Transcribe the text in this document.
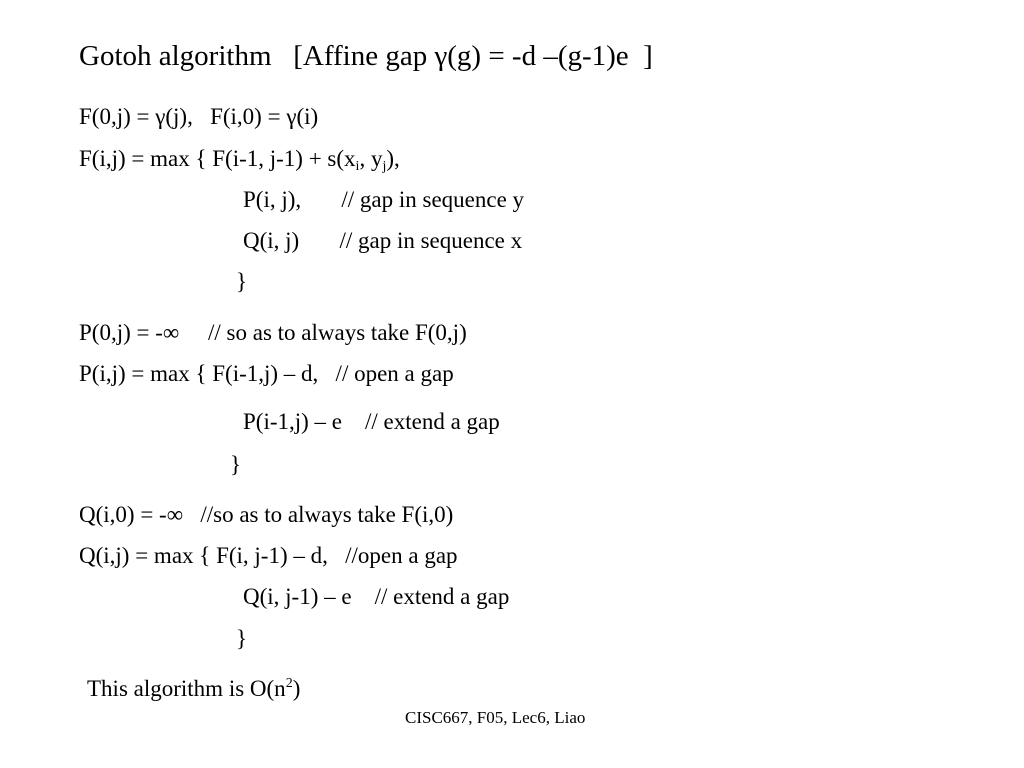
Gotoh algorithm   [Affine gap γ(g) = -d –(g-1)e  ]
F(0,j) = γ(j),   F(i,0) = γ(i)
F(i,j) = max { F(i-1, $j-1) + s(x_i$, $y_j$),
P(i, j),       // gap in sequence y
Q(i, j)       // gap in sequence x
}
P(0,j) = -∞     // so as to always take F(0,j)
P(i,j) = max { F(i-1,j) – d,   // open a gap
P(i-1,j) – e    // extend a gap
}
Q(i,0) = -∞   //so as to always take F(i,0)
Q(i,j) = max { F(i, j-1) – d,   //open a gap
Q(i, j-1) – e    // extend a gap
}
This algorithm is $O(n^2)$
CISC667, F05, Lec6, Liao
